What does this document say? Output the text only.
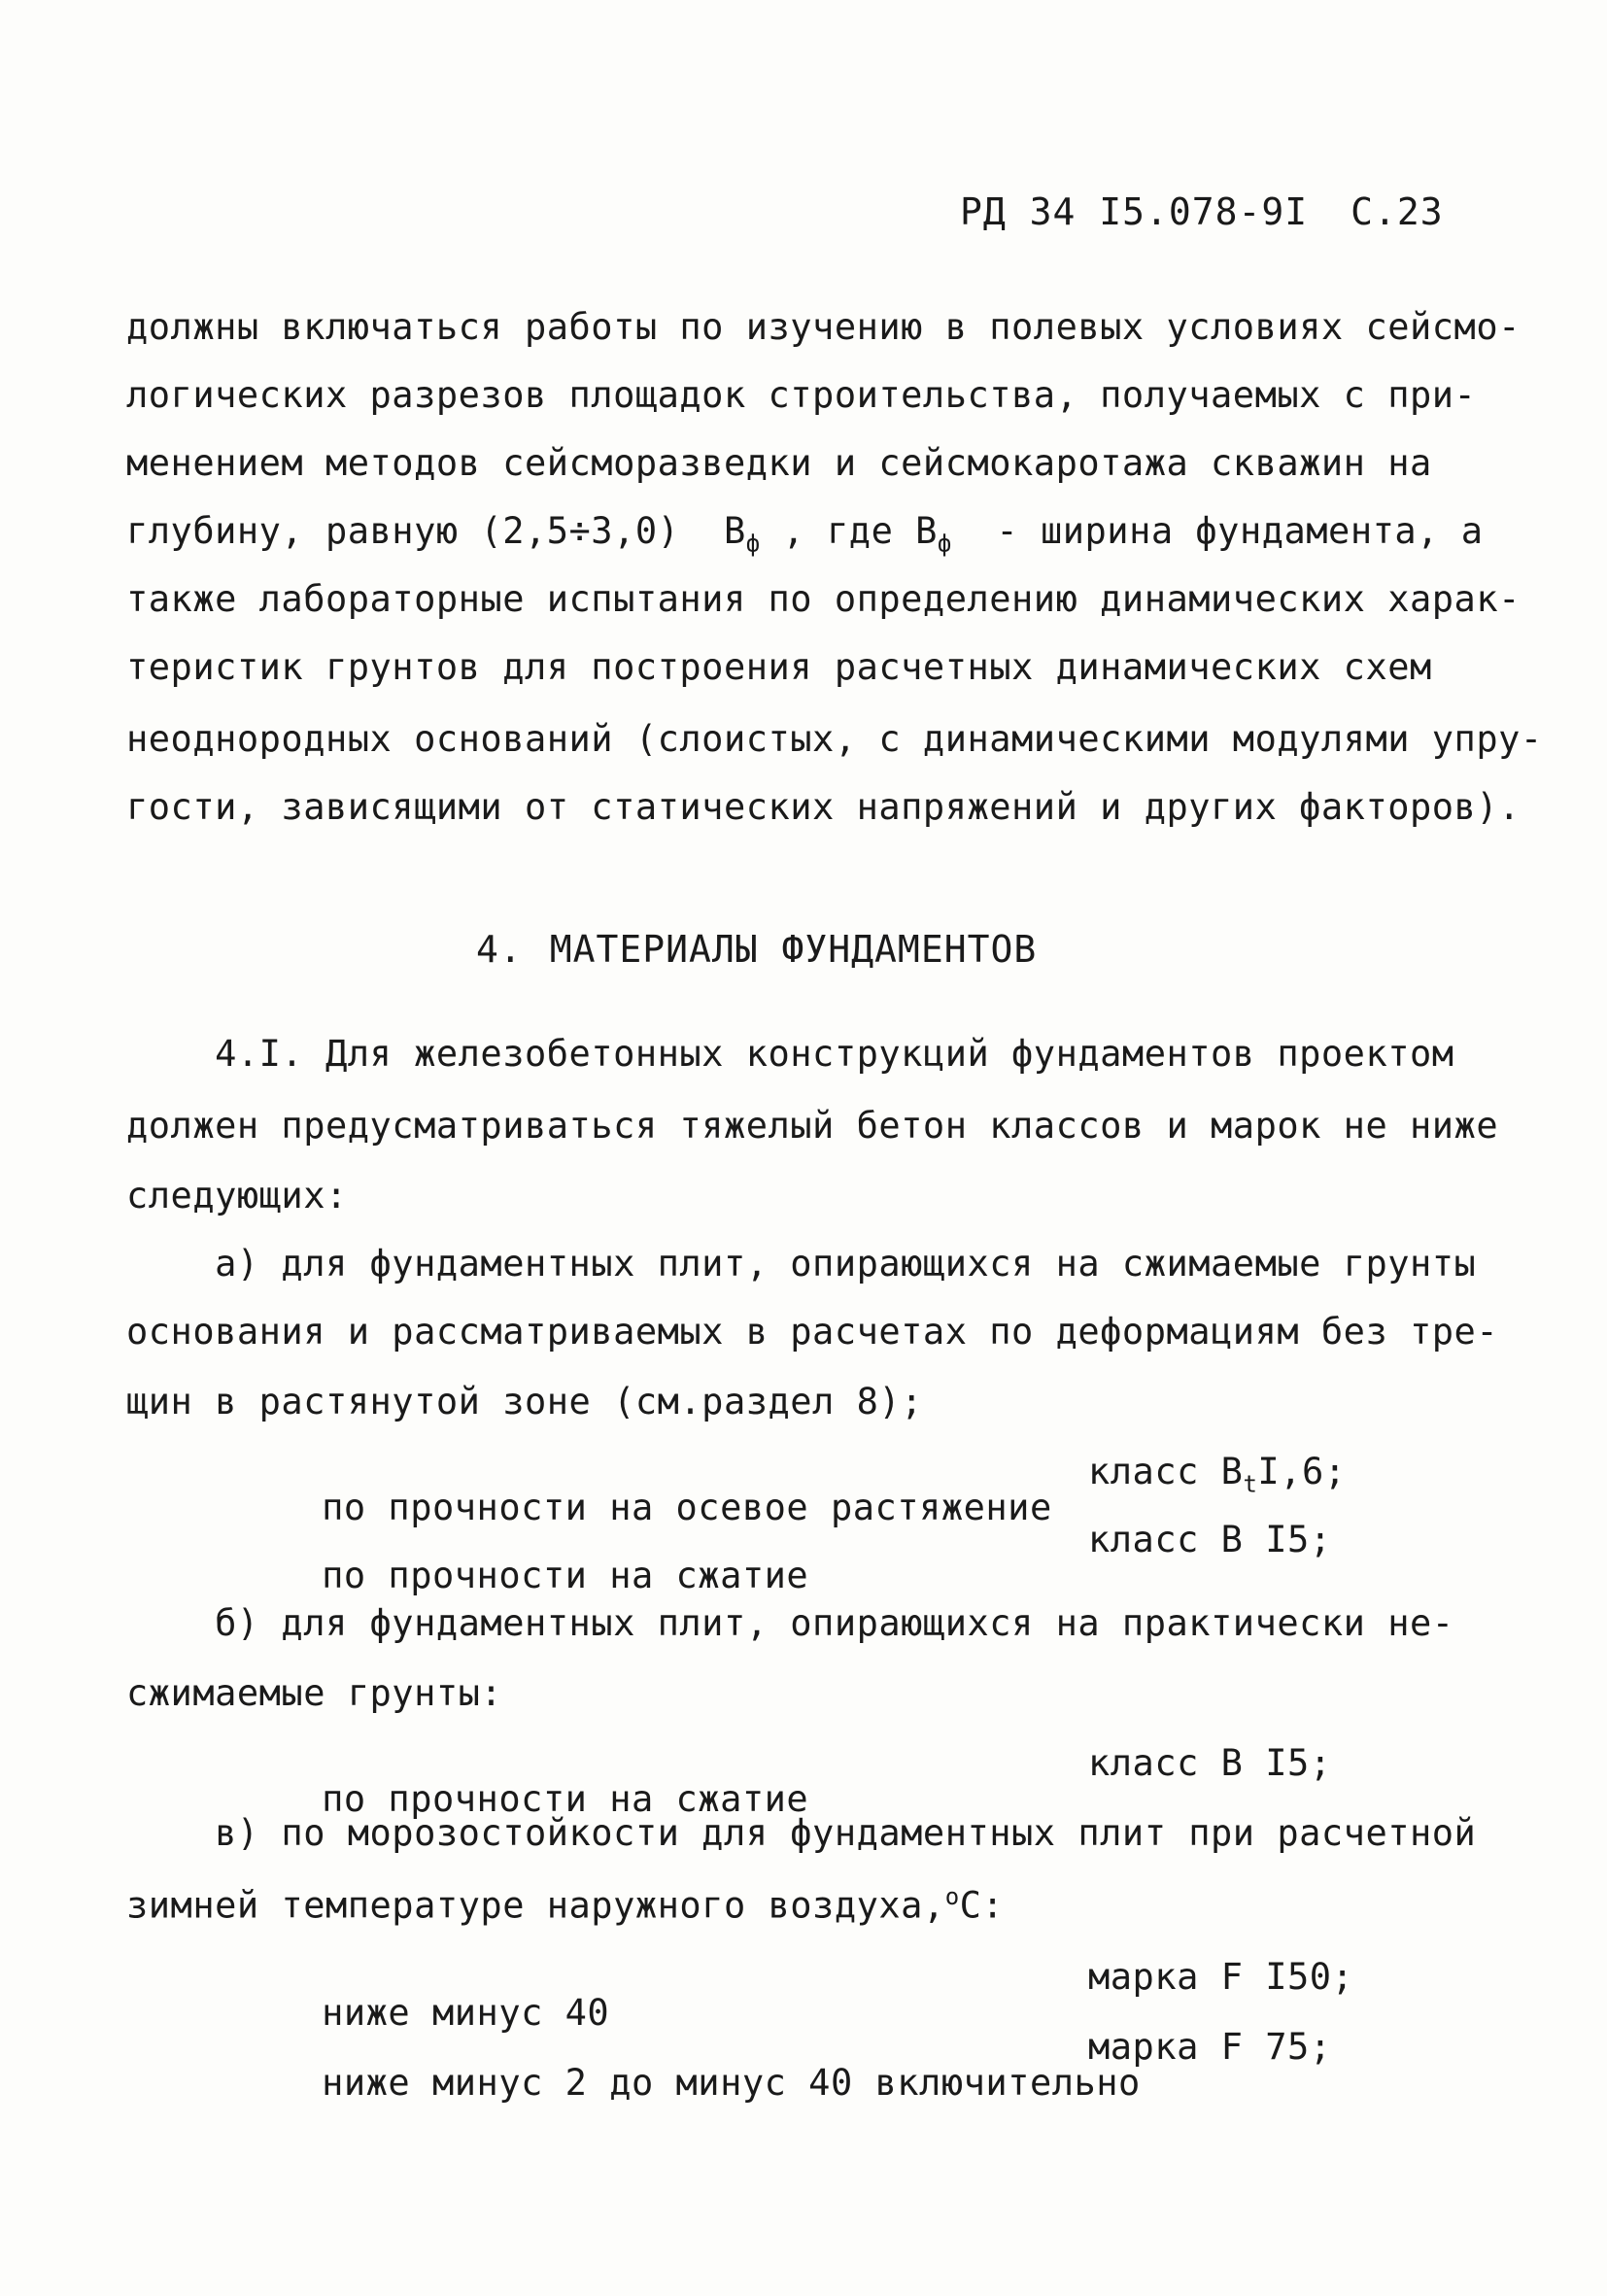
РД 34 I5.078-9I С.23
должны включаться работы по изучению в полевых условиях сейсмо-
логических разрезов площадок строительства, получаемых с при-
менением методов сейсморазведки и сейсмокаротажа скважин на
глубину, равную (2,5÷3,0)  $В_ф$ , где $В_ф$  - ширина фундамента, а
также лабораторные испытания по определению динамических харак-
теристик грунтов для построения расчетных динамических схем
неоднородных оснований (слоистых, с динамическими модулями упру-
гости, зависящими от статических напряжений и других факторов).
4. МАТЕРИАЛЫ ФУНДАМЕНТОВ
4.I. Для железобетонных конструкций фундаментов проектом
должен предусматриваться тяжелый бетон классов и марок не ниже
следующих:
а) для фундаментных плит, опирающихся на сжимаемые грунты
основания и рассматриваемых в расчетах по деформациям без тре-
щин в растянутой зоне (см.раздел 8);

по прочности на осевое растяжение

класс $В_tI,6$;

по прочности на сжатие

класс В I5;

б) для фундаментных плит, опирающихся на практически не-
сжимаемые грунты:

по прочности на сжатие

класс В I5;

в) по морозостойкости для фундаментных плит при расчетной
зимней температуре наружного воздуха,$^о$С:

ниже минус 40

марка F I50;

ниже минус 2 до минус 40 включительно

марка F 75;
